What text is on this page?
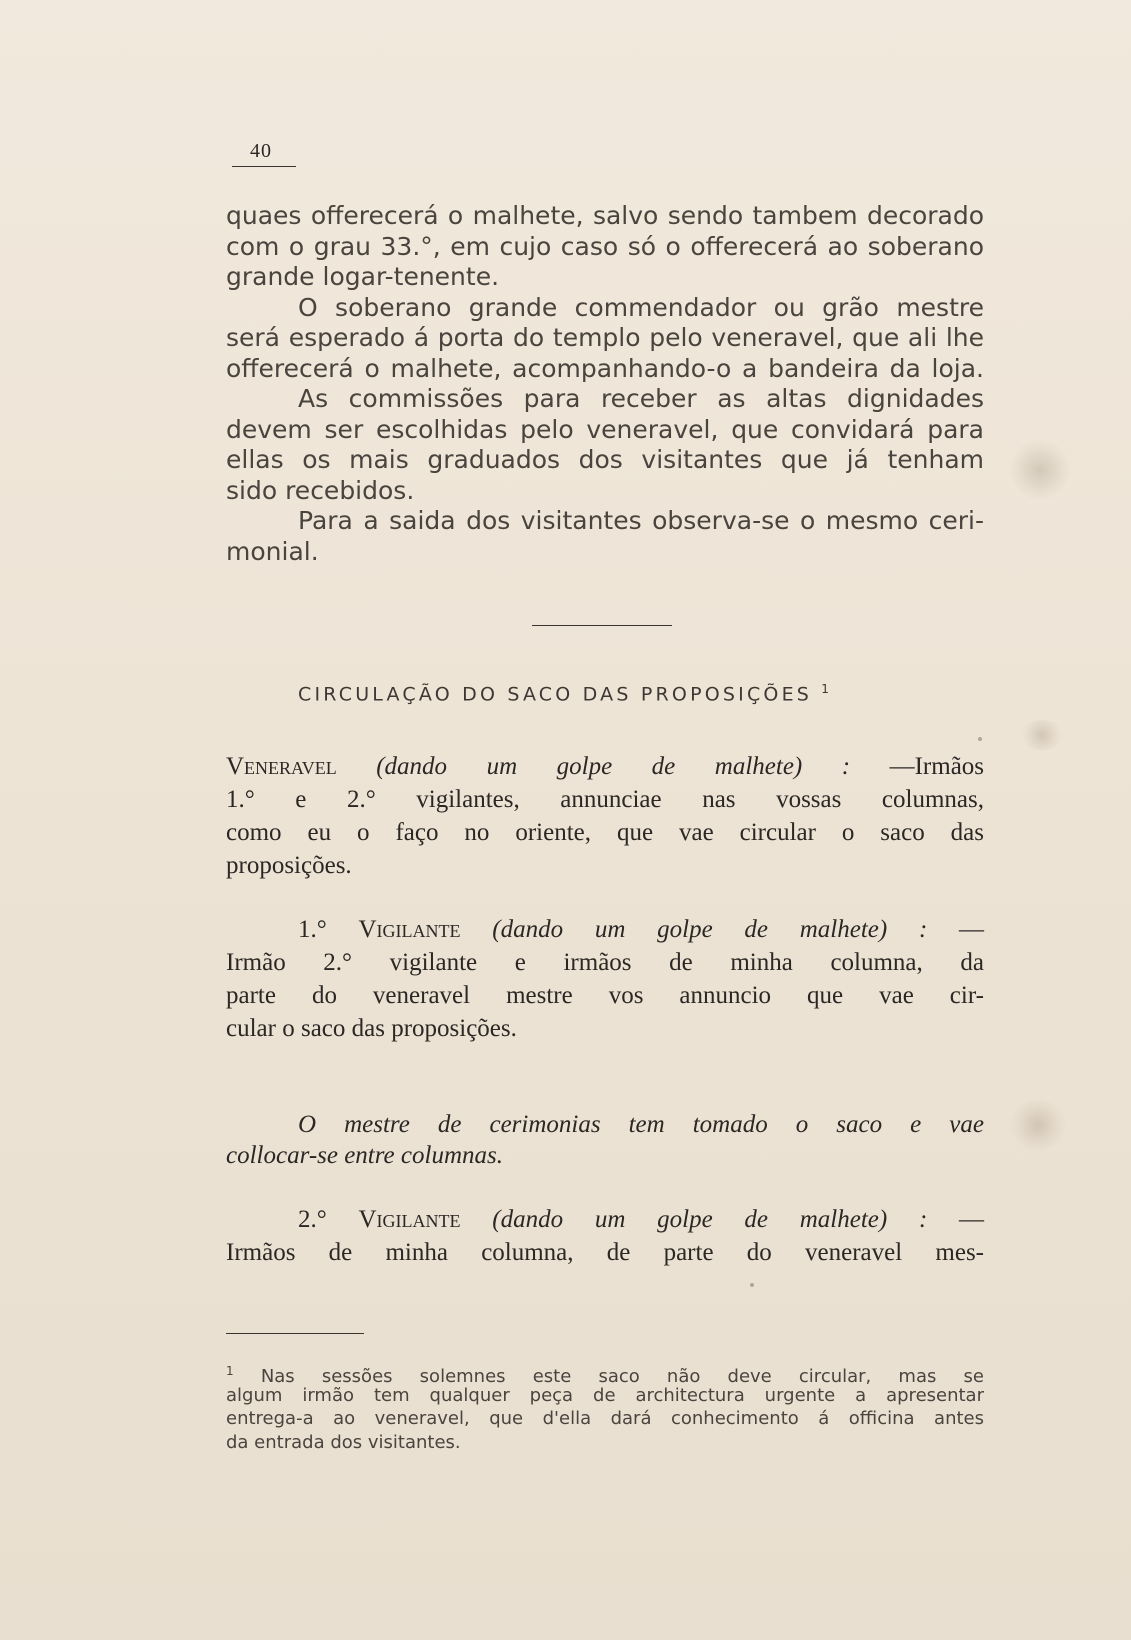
40
quaes offerecerá o malhete, salvo sendo tambem decorado
com o grau 33.°, em cujo caso só o offerecerá ao soberano
grande logar-tenente.
O soberano grande commendador ou grão mestre
será esperado á porta do templo pelo veneravel, que ali lhe
offerecerá o malhete, acompanhando-o a bandeira da loja.
As commissões para receber as altas dignidades
devem ser escolhidas pelo veneravel, que convidará para
ellas os mais graduados dos visitantes que já tenham
sido recebidos.
Para a saida dos visitantes observa-se o mesmo ceri-
monial.
CIRCULAÇÃO DO SACO DAS PROPOSIÇÕES $^1$
Veneravel (dando um golpe de malhete) : —Irmãos
1.° e 2.° vigilantes, annunciae nas vossas columnas,
como eu o faço no oriente, que vae circular o saco das
proposições.
1.° Vigilante (dando um golpe de malhete) : —
Irmão 2.° vigilante e irmãos de minha columna, da
parte do veneravel mestre vos annuncio que vae cir-
cular o saco das proposições.
O mestre de cerimonias tem tomado o saco e vae
collocar-se entre columnas.
2.° Vigilante (dando um golpe de malhete) : —
Irmãos de minha columna, de parte do veneravel mes-
$^1$ Nas sessões solemnes este saco não deve circular, mas se
algum irmão tem qualquer peça de architectura urgente a apresentar
entrega-a ao veneravel, que d'ella dará conhecimento á officina antes
da entrada dos visitantes.
